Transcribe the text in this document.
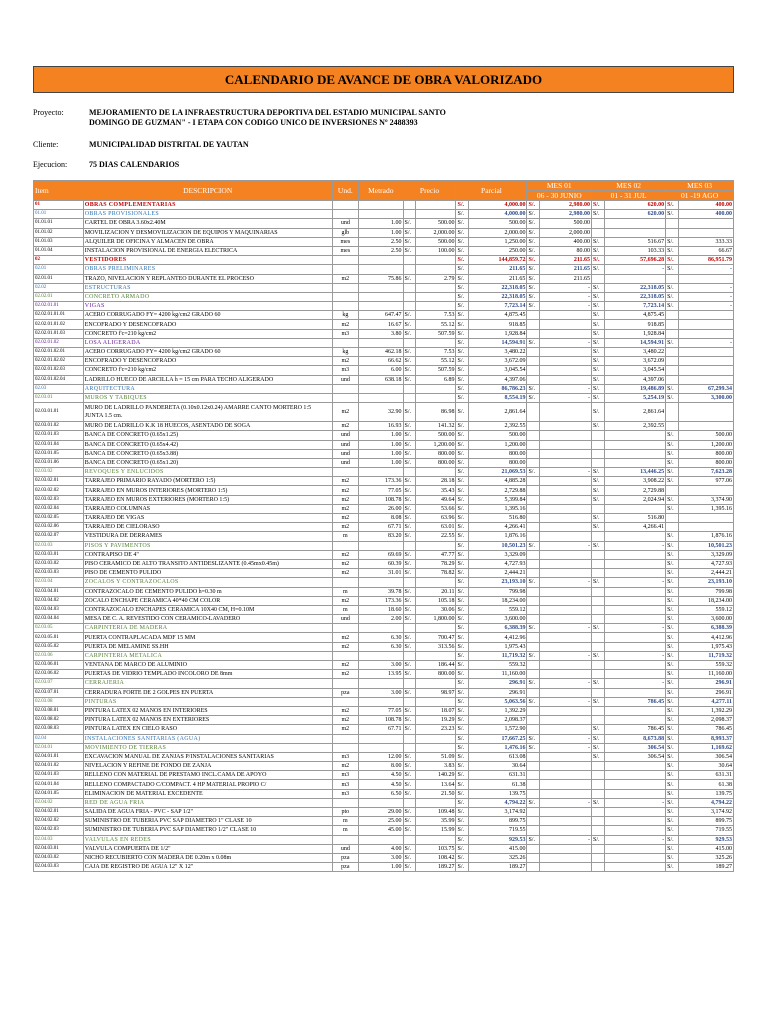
CALENDARIO DE AVANCE DE OBRA VALORIZADO
Proyecto:	MEJORAMIENTO DE LA INFRAESTRUCTURA DEPORTIVA DEL ESTADIO MUNICIPAL SANTO
DOMINGO DE GUZMAN" - I ETAPA CON CODIGO UNICO DE INVERSIONES Nº 2488393
Cliente:	MUNICIPALIDAD DISTRITAL DE YAUTAN
Ejecucion:	75 DIAS CALENDARIOS
Item	DESCRIPCION	Und.	Metrado	Precio		Parcial		MES 01		MES 02		MES 03	
								06 - 30 JUNIO		01 - 31 JUL		01 -19 AGO	
01	OBRAS COMPLEMENTARIAS					S/.	4,000.00	S/.	2,980.00	S/.	620.00	S/.	400.00
01.01	OBRAS PROVISIONALES					S/.	4,000.00	S/.	2,980.00	S/.	620.00	S/.	400.00
01.01.01	CARTEL DE OBRA 3.60x2.40M	und	1.00	S/.	500.00	S/.	500.00	S/.	500.00				
01.01.02	MOVILIZACION Y DESMOVILIZACION DE EQUIPOS Y MAQUINARIAS	glb	1.00	S/.	2,000.00	S/.	2,000.00	S/.	2,000.00				
01.01.03	ALQUILER DE OFICINA Y ALMACEN DE OBRA	mes	2.50	S/.	500.00	S/.	1,250.00	S/.	400.00	S/.	516.67	S/.	333.33
01.01.04	INSTALACION PROVISIONAL DE ENERGIA ELECTRICA	mes	2.50	S/.	100.00	S/.	250.00	S/.	80.00	S/.	103.33	S/.	66.67
02	VESTIDORES					S/.	144,859.72	S/.	211.65	S/.	57,696.28	S/.	86,951.79
02.01	OBRAS PRELIMINARES					S/.	211.65	S/.	211.65	S/.	-	S/.	-
02.01.01	TRAZO, NIVELACION Y REPLANTEO DURANTE EL PROCESO	m2	75.86	S/.	2.79	S/.	211.65	S/.	211.65				
02.02	ESTRUCTURAS					S/.	22,318.05	S/.	-	S/.	22,318.05	S/.	-
02.02.01	CONCRETO ARMADO					S/.	22,318.05	S/.	-	S/.	22,318.05	S/.	-
02.02.01.01	VIGAS					S/.	7,723.14	S/.	-	S/.	7,723.14	S/.	-
02.02.01.01.01	ACERO CORRUGADO FY= 4200 kg/cm2 GRADO 60	kg	647.47	S/.	7.53	S/.	4,875.45			S/.	4,875.45		
02.02.01.01.02	ENCOFRADO Y DESENCOFRADO	m2	16.67	S/.	55.12	S/.	918.85			S/.	918.85		
02.02.01.01.03	CONCRETO f'c=210 kg/cm2	m3	3.80	S/.	507.59	S/.	1,928.84			S/.	1,928.84		
02.02.01.02	LOSA ALIGERADA					S/.	14,594.91	S/.	-	S/.	14,594.91	S/.	-
02.02.01.02.01	ACERO CORRUGADO FY= 4200 kg/cm2 GRADO 60	kg	462.18	S/.	7.53	S/.	3,480.22			S/.	3,480.22		
02.02.01.02.02	ENCOFRADO Y DESENCOFRADO	m2	66.62	S/.	55.12	S/.	3,672.09			S/.	3,672.09		
02.02.01.02.03	CONCRETO f'c=210 kg/cm2	m3	6.00	S/.	507.59	S/.	3,045.54			S/.	3,045.54		
02.02.01.02.04	LADRILLO HUECO DE ARCILLA h = 15 cm PARA TECHO ALIGERADO	und	638.18	S/.	6.89	S/.	4,397.06			S/.	4,397.06		
02.03	ARQUITECTURA					S/.	86,786.23	S/.	-	S/.	19,486.89	S/.	67,299.34
02.03.01	MUROS Y TABIQUES					S/.	8,554.19	S/.	-	S/.	5,254.19	S/.	3,300.00
02.03.01.01	MURO DE LADRILLO PANDERETA (0.10x0.12x0.24) AMARRE CANTO MORTERO 1:5 JUNTA 1.5 cm.	m2	32.90	S/.	86.98	S/.	2,861.64			S/.	2,861.64		
02.03.01.02	MURO DE LADRILLO K.K 18 HUECOS, ASENTADO DE SOGA	m2	16.93	S/.	141.32	S/.	2,392.55			S/.	2,392.55		
02.03.01.03	BANCA DE CONCRETO (0.65x1.25)	und	1.00	S/.	500.00	S/.	500.00					S/.	500.00
02.03.01.04	BANCA DE CONCRETO (0.65x4.42)	und	1.00	S/.	1,200.00	S/.	1,200.00					S/.	1,200.00
02.03.01.05	BANCA DE CONCRETO (0.65x3.88)	und	1.00	S/.	800.00	S/.	800.00					S/.	800.00
02.03.01.06	BANCA DE CONCRETO (0.65x1.20)	und	1.00	S/.	800.00	S/.	800.00					S/.	800.00
02.03.02	REVOQUES Y ENLUCIDOS					S/.	21,069.53	S/.	-	S/.	13,446.25	S/.	7,623.28
02.03.02.01	TARRAJEO PRIMARIO RAYADO (MORTERO 1:5)	m2	173.36	S/.	28.18	S/.	4,885.28			S/.	3,908.22	S/.	977.06
02.03.02.02	TARRAJEO EN MUROS INTERIORES (MORTERO 1:5)	m2	77.05	S/.	35.43	S/.	2,729.88			S/.	2,729.88		
02.03.02.03	TARRAJEO EN MUROS EXTERIORES (MORTERO 1:5)	m2	108.78	S/.	49.64	S/.	5,399.84			S/.	2,024.94	S/.	3,374.90
02.03.02.04	TARRAJEO COLUMNAS	m2	26.00	S/.	53.66	S/.	1,395.16					S/.	1,395.16
02.03.02.05	TARRAJEO DE VIGAS	m2	8.08	S/.	63.96	S/.	516.80			S/.	516.80		
02.03.02.06	TARRAJEO DE CIELORASO	m2	67.71	S/.	63.01	S/.	4,266.41			S/.	4,266.41		
02.03.02.07	VESTIDURA DE DERRAMES	m	83.20	S/.	22.55	S/.	1,876.16					S/.	1,876.16
02.03.03	PISOS Y PAVIMENTOS					S/.	10,501.23	S/.	-	S/.	-	S/.	10,501.23
02.03.03.01	CONTRAPISO DE 4"	m2	69.69	S/.	47.77	S/.	3,329.09					S/.	3,329.09
02.03.03.02	PISO CERAMICO DE ALTO TRANSITO ANTIDESLIZANTE (0.45mx0.45m)	m2	60.39	S/.	78.29	S/.	4,727.93					S/.	4,727.93
02.03.03.03	PISO DE CEMENTO PULIDO	m2	31.01	S/.	78.82	S/.	2,444.21					S/.	2,444.21
02.03.04	ZOCALOS Y CONTRAZOCALOS					S/.	23,193.10	S/.	-	S/.	-	S/.	23,193.10
02.03.04.01	CONTRAZOCALO DE CEMENTO PULIDO h=0.30 m	m	39.78	S/.	20.11	S/.	799.98					S/.	799.98
02.03.04.02	ZOCALO ENCHAPE CERAMICA 40*40 CM COLOR	m2	173.36	S/.	105.18	S/.	18,234.00					S/.	18,234.00
02.03.04.03	CONTRAZOCALO ENCHAPES CERAMICA 10X40 CM, H=0.10M	m	18.60	S/.	30.06	S/.	559.12					S/.	559.12
02.03.04.04	MESA DE C. A. REVESTIDO CON CERAMICO-LAVADERO	und	2.00	S/.	1,800.00	S/.	3,600.00					S/.	3,600.00
02.03.05	CARPINTERIA DE MADERA					S/.	6,388.39	S/.	-	S/.	-	S/.	6,388.39
02.03.05.01	PUERTA CONTRAPLACADA MDF 15 MM	m2	6.30	S/.	700.47	S/.	4,412.96					S/.	4,412.96
02.03.05.02	PUERTA DE MELAMINE SS.HH	m2	6.30	S/.	313.56	S/.	1,975.43					S/.	1,975.43
02.03.06	CARPINTERIA METALICA					S/.	11,719.32	S/.	-	S/.	-	S/.	11,719.32
02.03.06.01	VENTANA DE MARCO DE ALUMINIO	m2	3.00	S/.	186.44	S/.	559.32					S/.	559.32
02.03.06.02	PUERTAS DE VIDRIO TEMPLADO INCOLORO DE 8mm	m2	13.95	S/.	800.00	S/.	11,160.00					S/.	11,160.00
02.03.07	CERRAJERIA					S/.	296.91	S/.	-	S/.	-	S/.	296.91
02.03.07.01	CERRADURA FORTE DE 2 GOLPES EN PUERTA	pza	3.00	S/.	98.97	S/.	296.91					S/.	296.91
02.03.08	PINTURAS					S/.	5,063.56	S/.	-	S/.	786.45	S/.	4,277.11
02.03.08.01	PINTURA LATEX 02 MANOS EN INTERIORES	m2	77.05	S/.	18.07	S/.	1,392.29					S/.	1,392.29
02.03.08.02	PINTURA LATEX 02 MANOS EN EXTERIORES	m2	108.78	S/.	19.29	S/.	2,098.37					S/.	2,098.37
02.03.08.03	PINTURA LATEX EN CIELO RASO	m2	67.71	S/.	23.23	S/.	1,572.90			S/.	786.45	S/.	786.45
02.04	INSTALACIONES SANITARIAS (AGUA)					S/.	17,667.25	S/.	-	S/.	8,673.88	S/.	8,993.37
02.04.01	MOVIMIENTO DE TIERRAS					S/.	1,476.16	S/.	-	S/.	306.54	S/.	1,169.62
02.04.01.01	EXCAVACION MANUAL DE ZANJAS P/INSTALACIONES SANITARIAS	m3	12.00	S/.	51.09	S/.	613.08			S/.	306.54	S/.	306.54
02.04.01.02	NIVELACION Y REFINE DE FONDO DE ZANJA	m2	8.00	S/.	3.83	S/.	30.64					S/.	30.64
02.04.01.03	RELLENO CON MATERIAL DE PRESTAMO INCL.CAMA DE APOYO	m3	4.50	S/.	140.29	S/.	631.31					S/.	631.31
02.04.01.04	RELLENO COMPACTADO C/COMPACT. 4 HP MATERIAL PROPIO C/	m3	4.50	S/.	13.64	S/.	61.38					S/.	61.38
02.04.01.05	ELIMINACION DE MATERIAL EXCEDENTE	m3	6.50	S/.	21.50	S/.	139.75					S/.	139.75
02.04.02	RED DE AGUA FRIA					S/.	4,794.22	S/.	-	S/.	-	S/.	4,794.22
02.04.02.01	SALIDA DE AGUA FRIA - PVC - SAP 1/2"	pto	29.00	S/.	109.48	S/.	3,174.92					S/.	3,174.92
02.04.02.02	SUMINISTRO DE TUBERIA PVC SAP DIAMETRO 1" CLASE 10	m	25.00	S/.	35.99	S/.	899.75					S/.	899.75
02.04.02.03	SUMINISTRO DE TUBERIA PVC SAP DIAMETRO 1/2" CLASE 10	m	45.00	S/.	15.99	S/.	719.55					S/.	719.55
02.04.03	VALVULAS EN REDES					S/.	929.53	S/.	-	S/.	-	S/.	929.53
02.04.03.01	VALVULA COMPUERTA DE 1/2"	und	4.00	S/.	103.75	S/.	415.00					S/.	415.00
02.04.03.02	NICHO RECUBIERTO CON MADERA DE 0.20m x 0.08m	pza	3.00	S/.	108.42	S/.	325.26					S/.	325.26
02.04.03.03	CAJA DE REGISTRO DE AGUA 12" X 12"	pza	1.00	S/.	189.27	S/.	189.27					S/.	189.27
